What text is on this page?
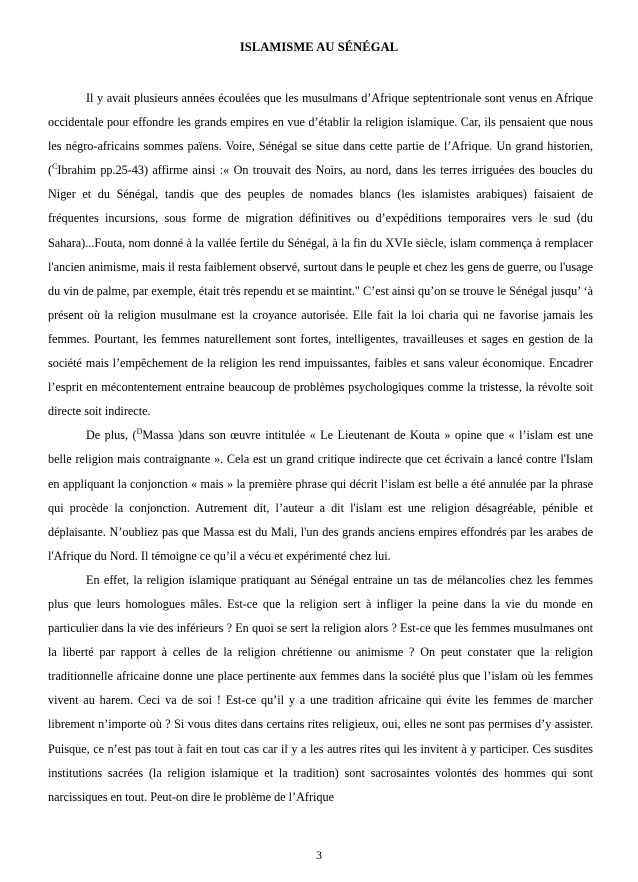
ISLAMISME AU SÉNÉGAL

Il y avait plusieurs années écoulées que les musulmans d’Afrique septentrionale sont venus en Afrique occidentale pour effondre les grands empires en vue d’établir la religion islamique. Car, ils pensaient que nous les négro-africains sommes païens. Voire, Sénégal se situe dans cette partie de l’Afrique. Un grand historien, ($^C$Ibrahim pp.25-43) affirme ainsi :« On trouvait des Noirs, au nord, dans les terres irriguées des boucles du Niger et du Sénégal, tandis que des peuples de nomades blancs (les islamistes arabiques) faisaient de fréquentes incursions, sous forme de migration définitives ou d’expéditions temporaires vers le sud (du Sahara)...Fouta, nom donné à la vallée fertile du Sénégal, à la fin du XVIe siècle, islam commença à remplacer l'ancien animisme, mais il resta faiblement observé, surtout dans le peuple et chez les gens de guerre, ou l'usage du vin de palme, par exemple, était très rependu et se maintint." C’est ainsi qu’on se trouve le Sénégal jusqu’ ‘à présent où la religion musulmane est la croyance autorisée. Elle fait la loi charia qui ne favorise jamais les femmes. Pourtant, les femmes naturellement sont fortes, intelligentes, travailleuses et sages en gestion de la société mais l’empêchement de la religion les rend impuissantes, faibles et sans valeur économique. Encadrer l’esprit en mécontentement entraine beaucoup de problèmes psychologiques comme la tristesse, la révolte soit directe soit indirecte.

De plus, ($^D$Massa )dans son œuvre intitulée « Le Lieutenant de Kouta » opine que « l’islam est une belle religion mais contraignante ». Cela est un grand critique indirecte que cet écrivain a lancé contre l'Islam en appliquant la conjonction « mais » la première phrase qui décrit l’islam est belle a été annulée par la phrase qui procède la conjonction. Autrement dit, l’auteur a dit l'islam est une religion désagréable, pénible et déplaisante. N’oubliez pas que Massa est du Mali, l'un des grands anciens empires effondrés par les arabes de l'Afrique du Nord. Il témoigne ce qu’il a vécu et expérimenté chez lui.

En effet, la religion islamique pratiquant au Sénégal entraine un tas de mélancolies chez les femmes plus que leurs homologues mâles. Est-ce que la religion sert à infliger la peine dans la vie du monde en particulier dans la vie des inférieurs ? En quoi se sert la religion alors ? Est-ce que les femmes musulmanes ont la liberté par rapport à celles de la religion chrétienne ou animisme ? On peut constater que la religion traditionnelle africaine donne une place pertinente aux femmes dans la société plus que l’islam où les femmes vivent au harem. Ceci va de soi ! Est-ce qu’il y a une tradition africaine qui évite les femmes de marcher librement n’importe où ? Si vous dites dans certains rites religieux, oui, elles ne sont pas permises d’y assister. Puisque, ce n’est pas tout à fait en tout cas car il y a les autres rites qui les invitent à y participer. Ces susdites institutions sacrées (la religion islamique et la tradition) sont sacrosaintes volontés des hommes qui sont narcissiques en tout. Peut-on dire le problème de l’Afrique

3
